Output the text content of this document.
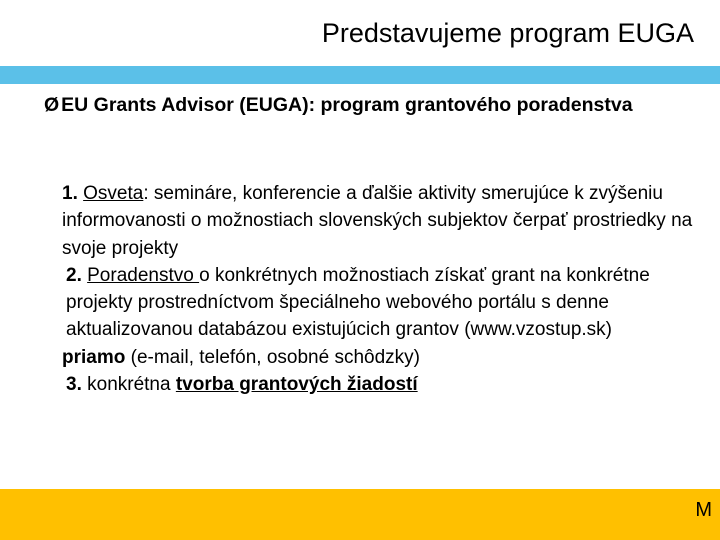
Predstavujeme program EUGA
Ø EU Grants Advisor (EUGA): program grantového poradenstva

1. Osveta: semináre, konferencie a ďalšie aktivity smerujúce k zvýšeniu informovanosti o možnostiach slovenských subjektov čerpať prostriedky na svoje projekty

2. Poradenstvo o konkrétnych možnostiach získať grant na konkrétne projekty prostredníctvom špeciálneho webového portálu s denne aktualizovanou databázou existujúcich grantov (www.vzostup.sk)

priamo (e-mail, telefón, osobné schôdzky)

3. konkrétna tvorba grantových žiadostí

M
